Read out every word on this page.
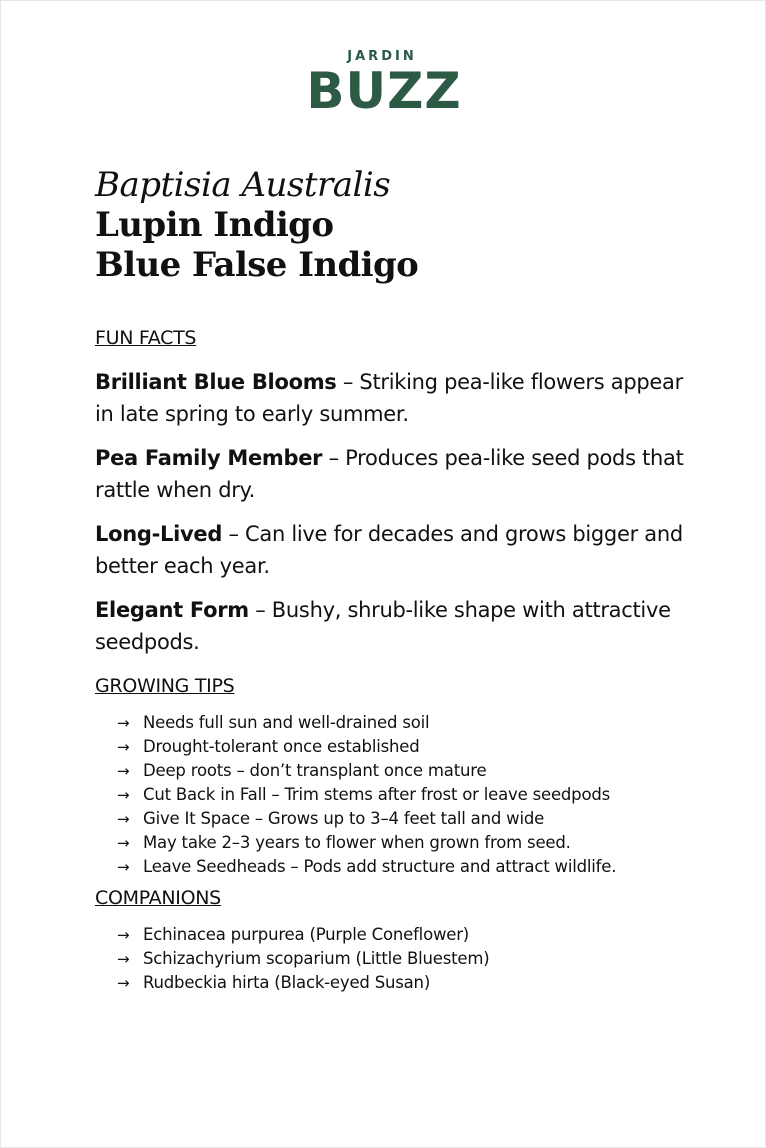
JARDIN
BUZZ
Baptisia Australis
Lupin Indigo
Blue False Indigo
FUN FACTS

Brilliant Blue Blooms – Striking pea-like flowers appear in late spring to early summer.

Pea Family Member – Produces pea-like seed pods that rattle when dry.

Long-Lived – Can live for decades and grows bigger and better each year.

Elegant Form – Bushy, shrub-like shape with attractive seedpods.

GROWING TIPS
→ Needs full sun and well-drained soil
→ Drought-tolerant once established
→ Deep roots – don’t transplant once mature
→ Cut Back in Fall – Trim stems after frost or leave seedpods
→ Give It Space – Grows up to 3–4 feet tall and wide
→ May take 2–3 years to flower when grown from seed.
→ Leave Seedheads – Pods add structure and attract wildlife.
COMPANIONS
→ Echinacea purpurea (Purple Coneflower)
→ Schizachyrium scoparium (Little Bluestem)
→ Rudbeckia hirta (Black-eyed Susan)
